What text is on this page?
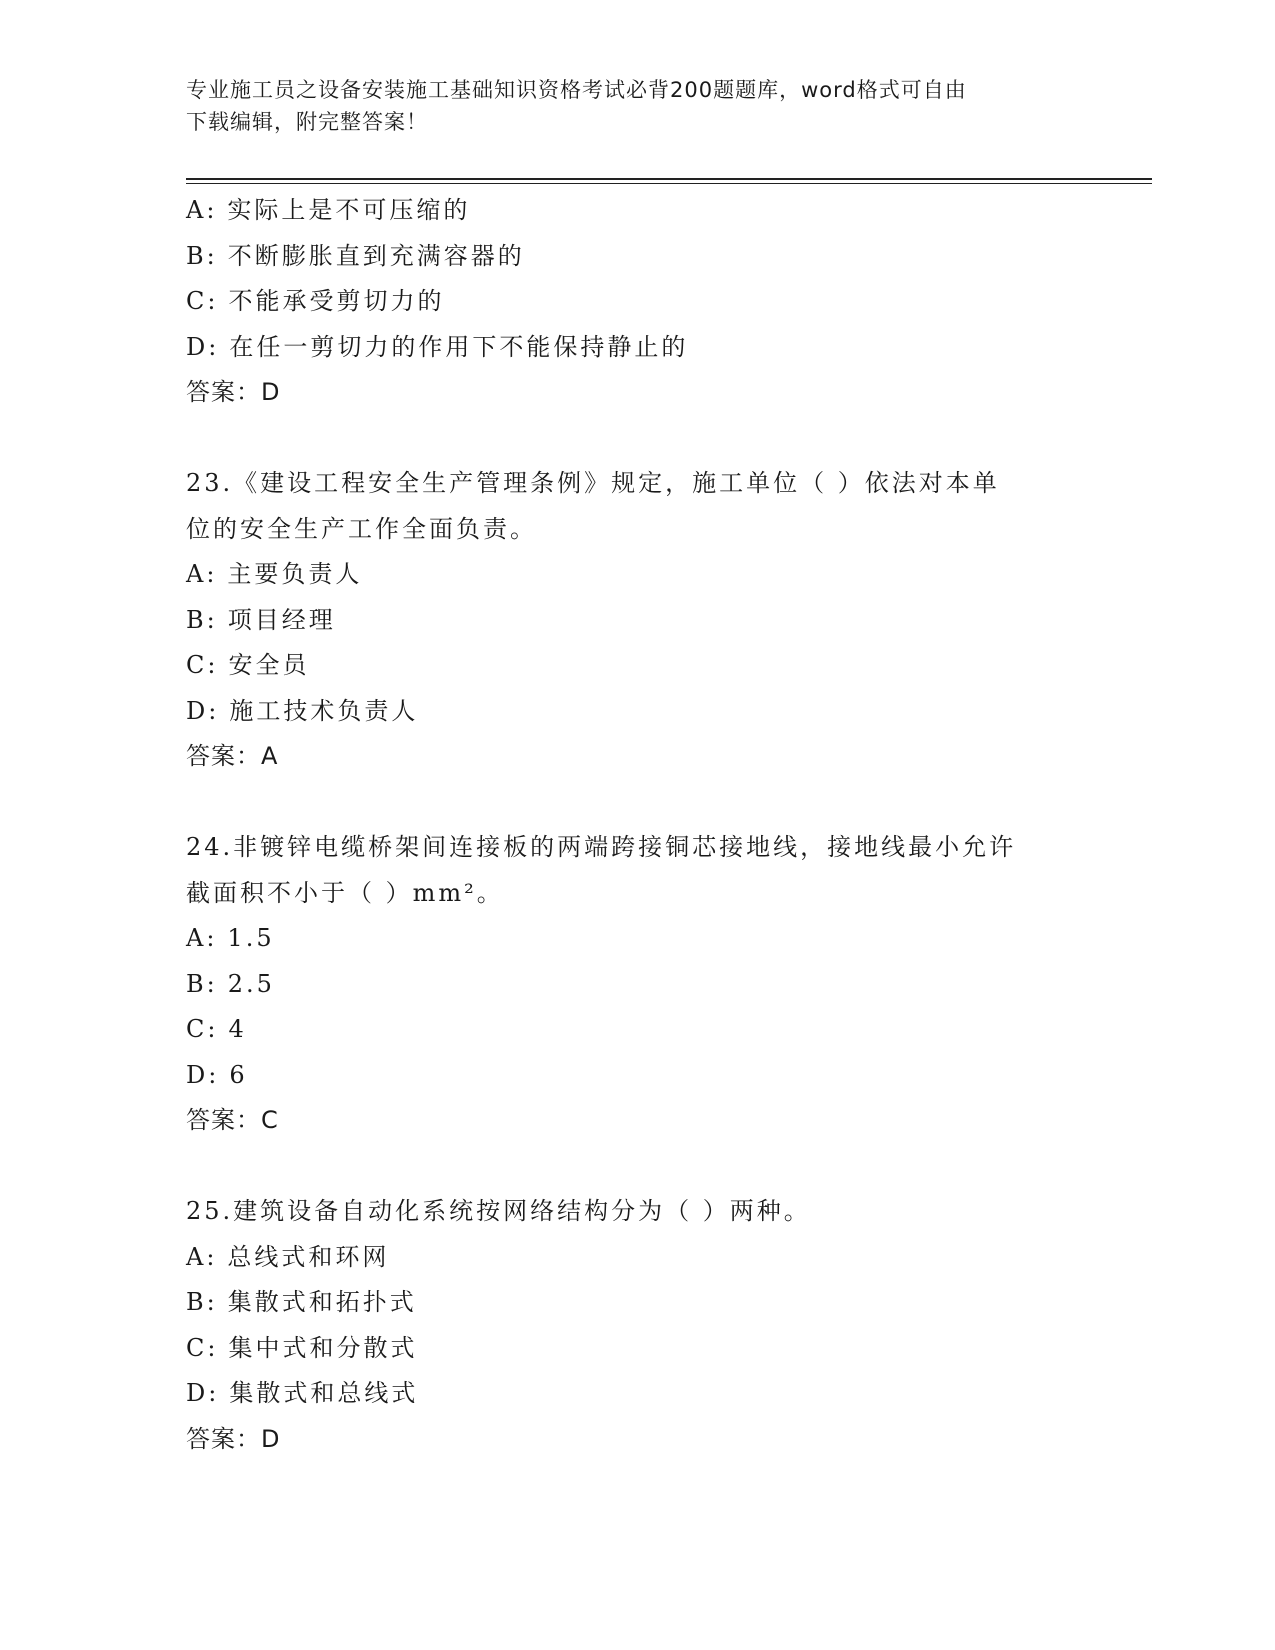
专业施工员之设备安装施工基础知识资格考试必背200题题库，word格式可自由
下载编辑，附完整答案！
A: 实际上是不可压缩的
B: 不断膨胀直到充满容器的
C: 不能承受剪切力的
D: 在任一剪切力的作用下不能保持静止的
答案：D
23.《建设工程安全生产管理条例》规定，施工单位（ ）依法对本单
位的安全生产工作全面负责。
A: 主要负责人
B: 项目经理
C: 安全员
D: 施工技术负责人
答案：A
24.非镀锌电缆桥架间连接板的两端跨接铜芯接地线，接地线最小允许
截面积不小于（ ）mm²。
A: 1.5
B: 2.5
C: 4
D: 6
答案：C
25.建筑设备自动化系统按网络结构分为（ ）两种。
A: 总线式和环网
B: 集散式和拓扑式
C: 集中式和分散式
D: 集散式和总线式
答案：D
